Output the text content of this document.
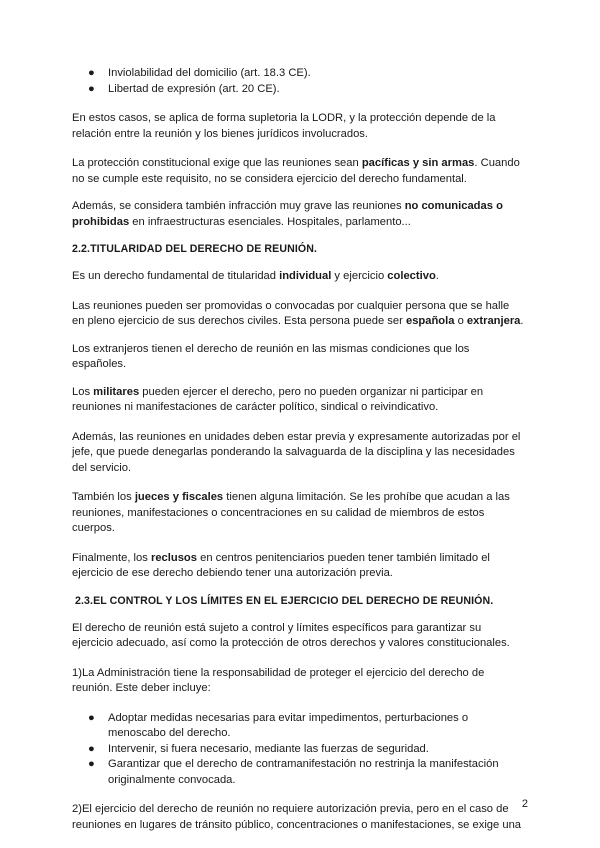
● Inviolabilidad del domicilio (art. 18.3 CE).
● Libertad de expresión (art. 20 CE).

En estos casos, se aplica de forma supletoria la LODR, y la protección depende de la relación entre la reunión y los bienes jurídicos involucrados.

La protección constitucional exige que las reuniones sean pacíficas y sin armas. Cuando no se cumple este requisito, no se considera ejercicio del derecho fundamental.

Además, se considera también infracción muy grave las reuniones no comunicadas o prohibidas en infraestructuras esenciales. Hospitales, parlamento...

2.2.TITULARIDAD DEL DERECHO DE REUNIÓN.

Es un derecho fundamental de titularidad individual y ejercicio colectivo.

Las reuniones pueden ser promovidas o convocadas por cualquier persona que se halle en pleno ejercicio de sus derechos civiles. Esta persona puede ser española o extranjera.

Los extranjeros tienen el derecho de reunión en las mismas condiciones que los españoles.

Los militares pueden ejercer el derecho, pero no pueden organizar ni participar en reuniones ni manifestaciones de carácter político, sindical o reivindicativo.

Además, las reuniones en unidades deben estar previa y expresamente autorizadas por el jefe, que puede denegarlas ponderando la salvaguarda de la disciplina y las necesidades del servicio.

También los jueces y fiscales tienen alguna limitación. Se les prohíbe que acudan a las reuniones, manifestaciones o concentraciones en su calidad de miembros de estos cuerpos.

Finalmente, los reclusos en centros penitenciarios pueden tener también limitado el ejercicio de ese derecho debiendo tener una autorización previa.

2.3.EL CONTROL Y LOS LÍMITES EN EL EJERCICIO DEL DERECHO DE REUNIÓN.

El derecho de reunión está sujeto a control y límites específicos para garantizar su ejercicio adecuado, así como la protección de otros derechos y valores constitucionales.

1)La Administración tiene la responsabilidad de proteger el ejercicio del derecho de reunión. Este deber incluye:

● Adoptar medidas necesarias para evitar impedimentos, perturbaciones o menoscabo del derecho.
● Intervenir, si fuera necesario, mediante las fuerzas de seguridad.
● Garantizar que el derecho de contramanifestación no restrinja la manifestación originalmente convocada.

2)El ejercicio del derecho de reunión no requiere autorización previa, pero en el caso de reuniones en lugares de tránsito público, concentraciones o manifestaciones, se exige una

2
